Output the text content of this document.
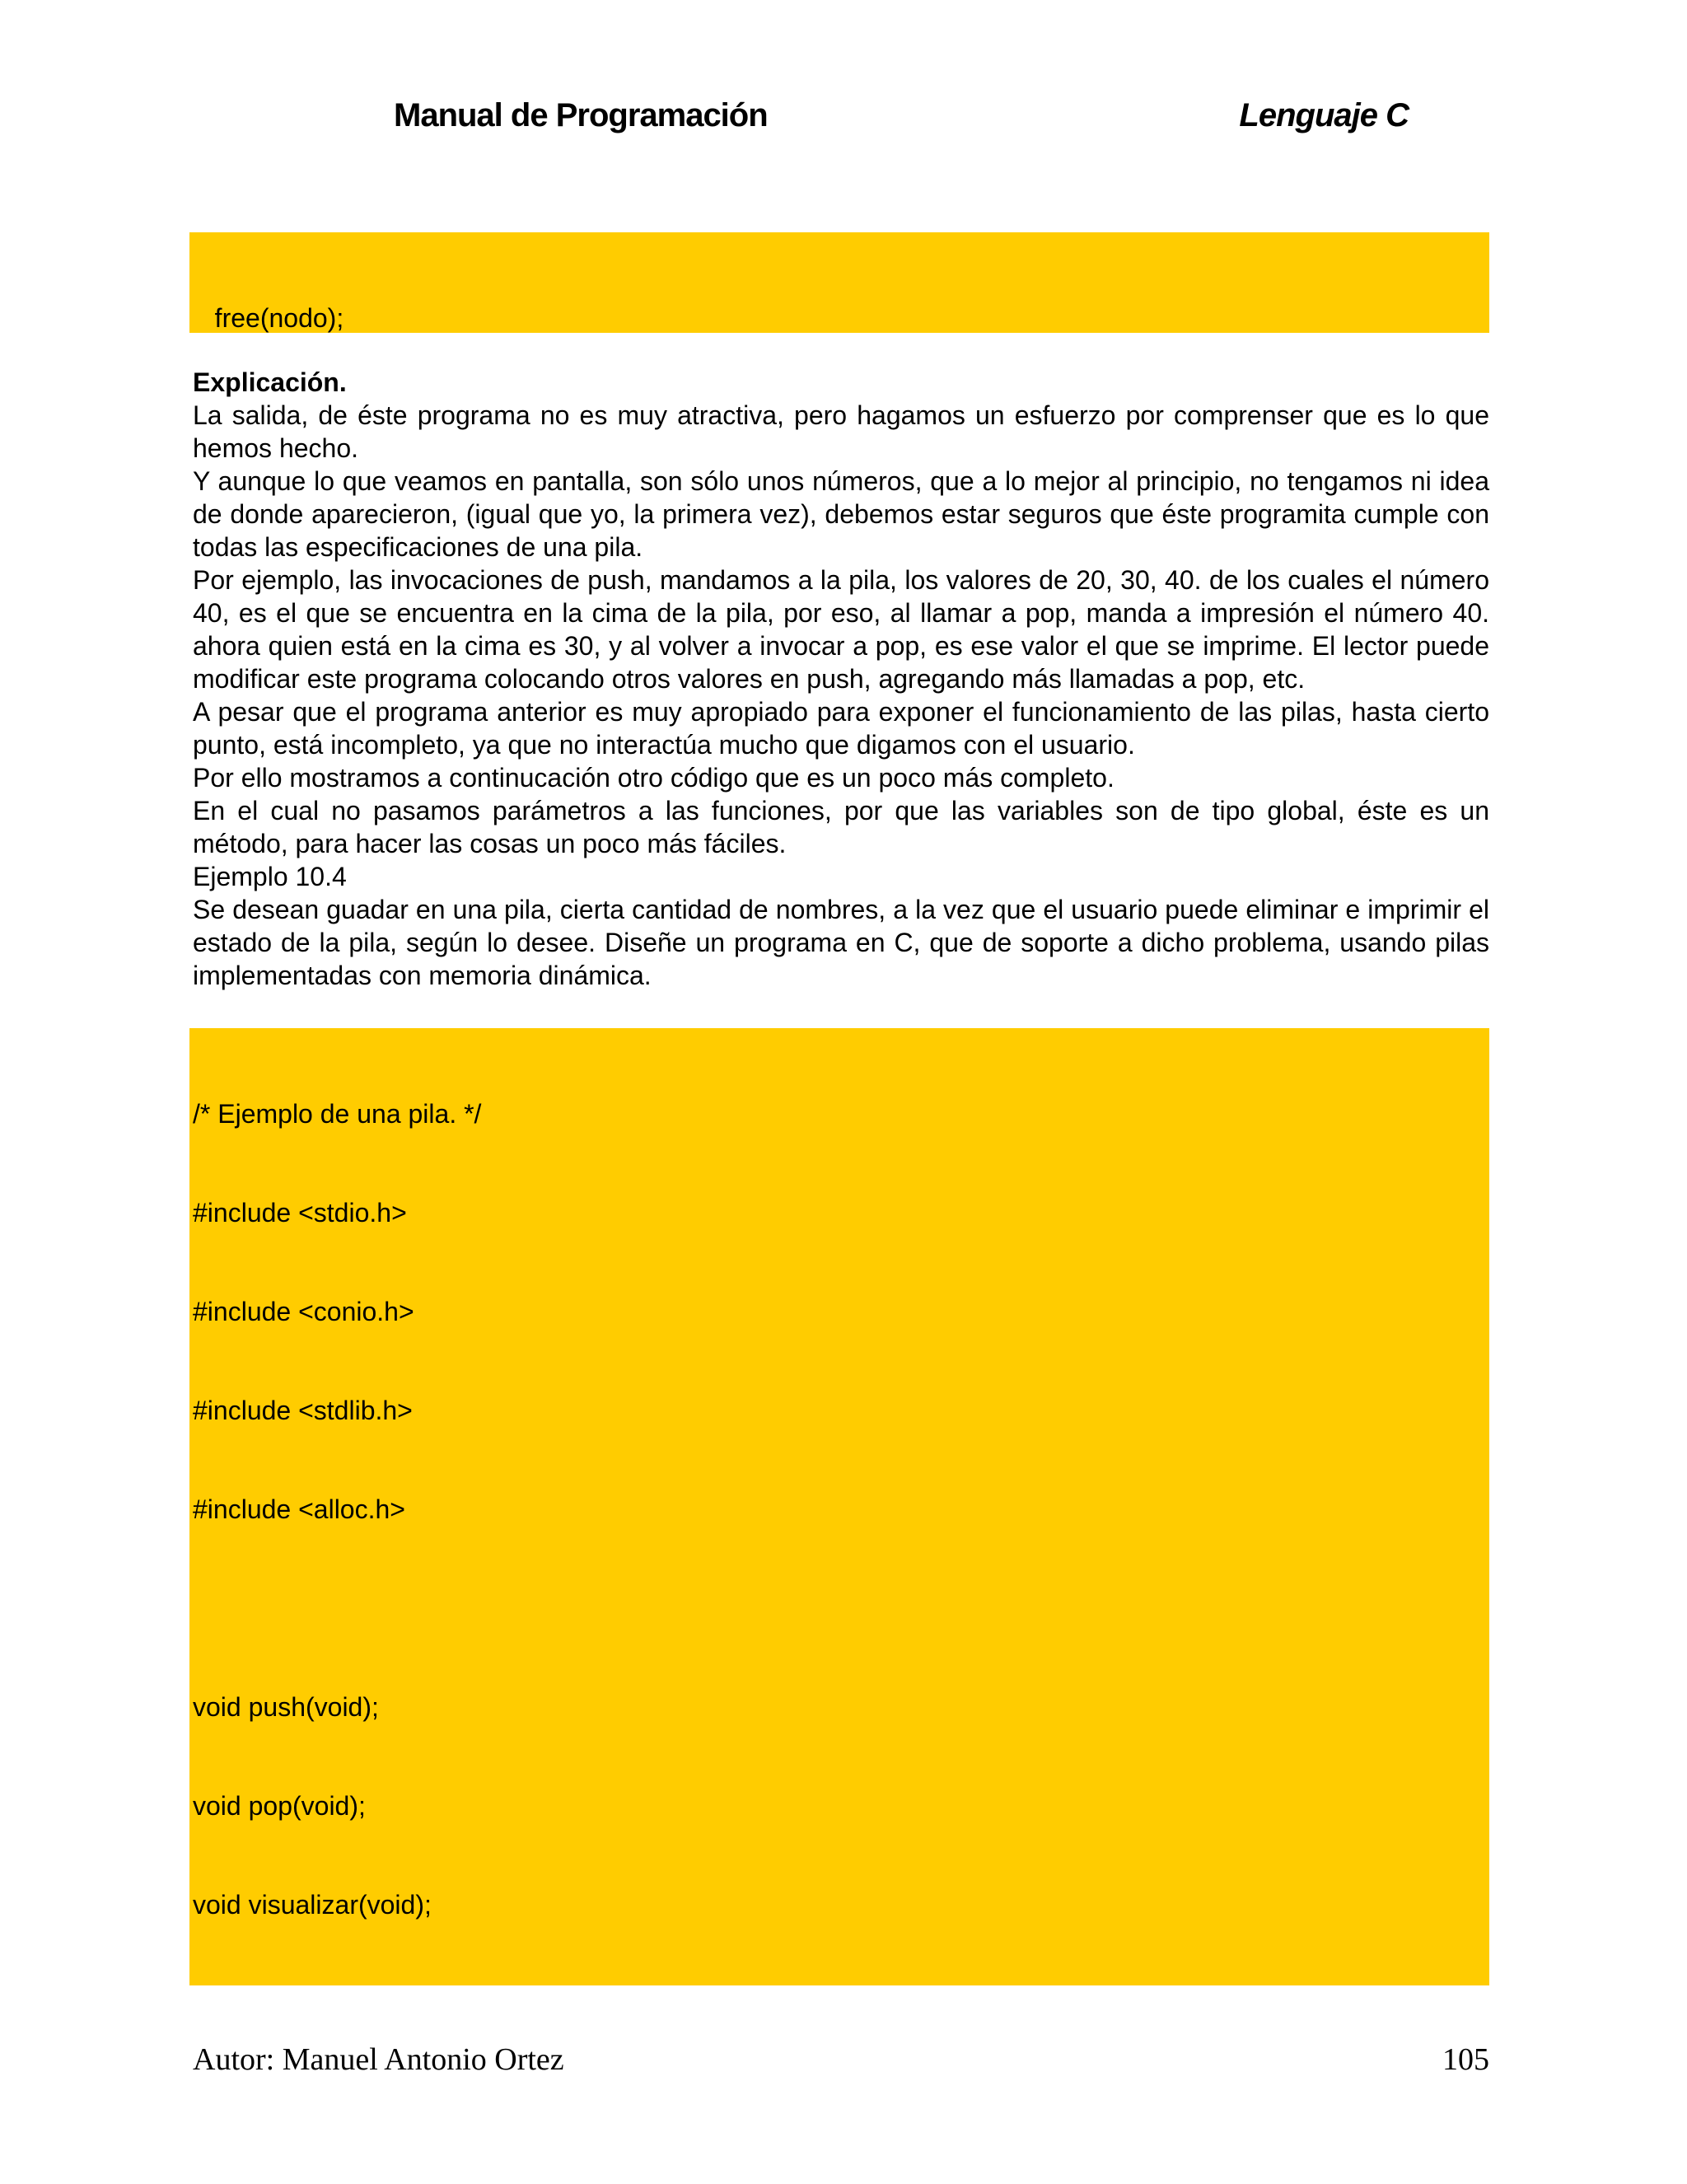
Manual de Programación	Lenguaje C

free(nodo);

Explicación.

La salida, de éste programa no es muy atractiva, pero hagamos un esfuerzo por comprenser que es lo que hemos hecho.

Y aunque lo que veamos en pantalla, son sólo unos números, que a lo mejor al principio, no tengamos ni idea de donde aparecieron, (igual que yo, la primera vez), debemos estar seguros que éste programita cumple con todas las especificaciones de una pila.

Por ejemplo, las invocaciones de push, mandamos a la pila, los valores de 20, 30, 40. de los cuales el número 40, es el que se encuentra en la cima de la pila, por eso, al llamar a pop, manda a impresión el número 40. ahora quien está en la cima es 30, y al volver a invocar a pop, es ese valor el que se imprime. El lector puede modificar este programa colocando otros valores en push, agregando más llamadas a pop, etc.

A pesar que el programa anterior es muy apropiado para exponer el funcionamiento de las pilas, hasta cierto punto, está incompleto, ya que no interactúa mucho que digamos con el usuario.

Por ello mostramos a continucación otro código que es un poco más completo.

En el cual no pasamos parámetros a las funciones, por que las variables son de tipo global, éste es un método, para hacer las cosas un poco más fáciles.

Ejemplo 10.4

Se desean guadar en una pila, cierta cantidad de nombres, a la vez que el usuario puede eliminar e imprimir el estado de la pila, según lo desee. Diseñe un programa en C, que de soporte a dicho problema, usando pilas implementadas con memoria dinámica.

/* Ejemplo de una pila. */

#include <stdio.h>

#include <conio.h>

#include <stdlib.h>

#include <alloc.h>

void push(void);

void pop(void);

void visualizar(void);

Autor: Manuel Antonio Ortez	105
